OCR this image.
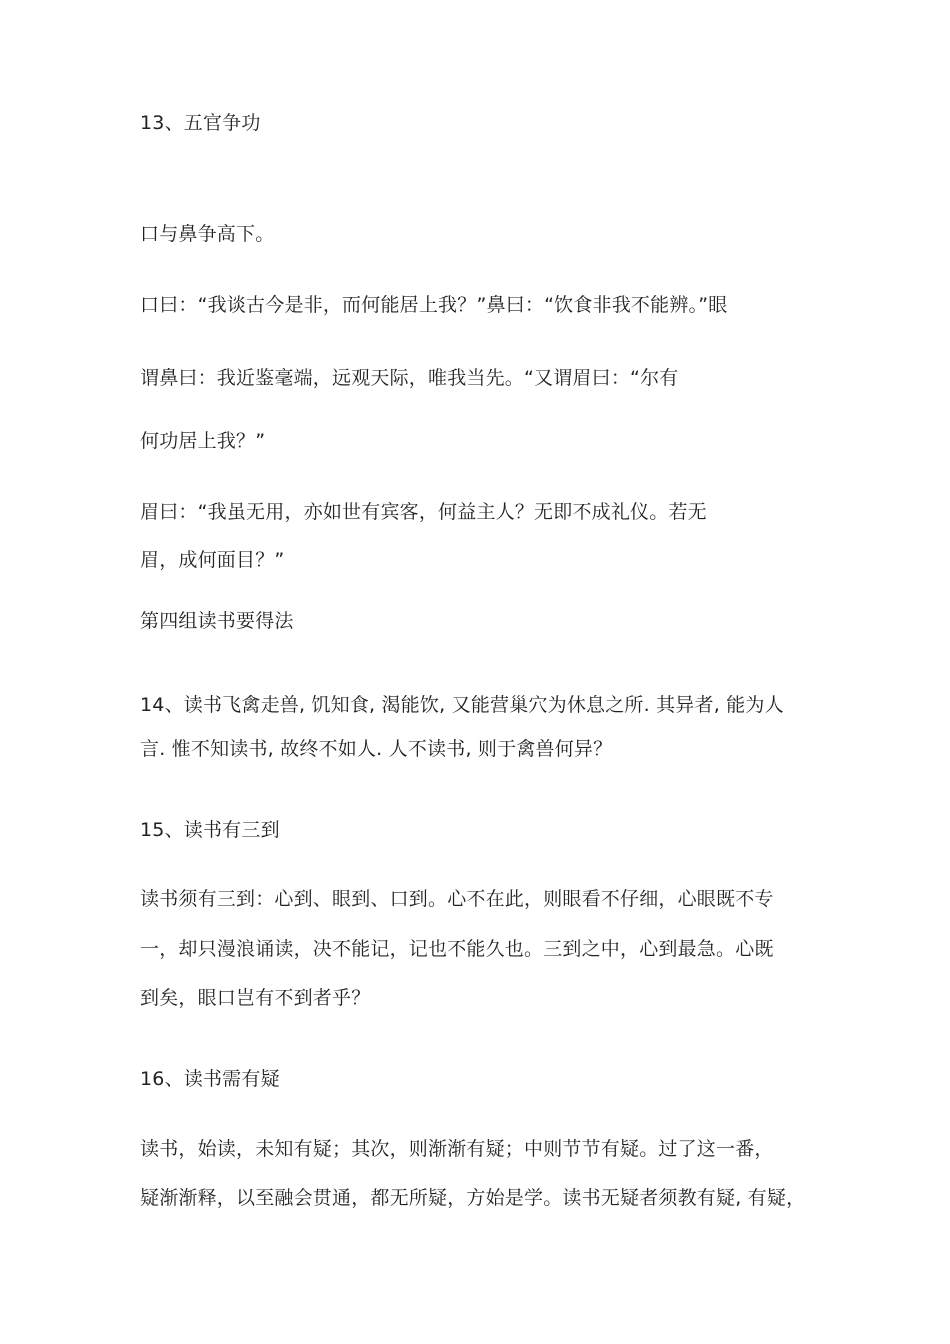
13、五官争功

口与鼻争高下。

口曰：“我谈古今是非，而何能居上我？”鼻曰：“饮食非我不能辨。”眼

谓鼻曰：我近鉴毫端，远观天际，唯我当先。“又谓眉曰：“尔有

何功居上我？”

眉曰：“我虽无用，亦如世有宾客，何益主人？无即不成礼仪。若无

眉，成何面目？”

第四组读书要得法

14、读书飞禽走兽, 饥知食, 渴能饮, 又能营巢穴为休息之所. 其异者, 能为人

言. 惟不知读书, 故终不如人. 人不读书, 则于禽兽何异？

15、读书有三到

读书须有三到：心到、眼到、口到。心不在此，则眼看不仔细，心眼既不专

一，却只漫浪诵读，决不能记，记也不能久也。三到之中，心到最急。心既

到矣，眼口岂有不到者乎？

16、读书需有疑

读书，始读，未知有疑；其次，则渐渐有疑；中则节节有疑。过了这一番，

疑渐渐释，以至融会贯通，都无所疑，方始是学。读书无疑者须教有疑, 有疑，
